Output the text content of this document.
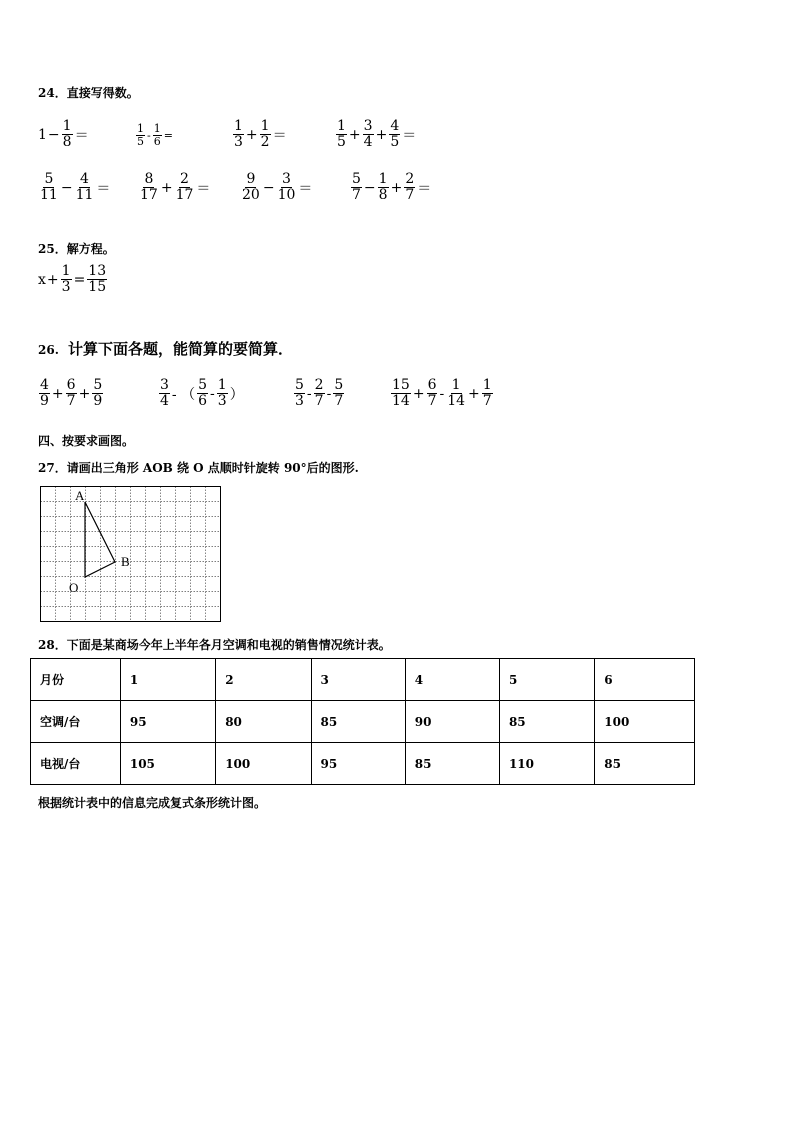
24．直接写得数。
$1 - \frac{1}{8}$ ＝	$\frac{1}{5} - \frac{1}{6}$ =	$\frac{1}{3} + \frac{1}{2}$ ＝	$\frac{1}{5} + \frac{3}{4} + \frac{4}{5}$ ＝
$\frac{5}{11} - \frac{4}{11} = \frac{8}{17} + \frac{2}{17} = \frac{9}{20} - \frac{3}{10}$ ＝	$\frac{5}{7} - \frac{1}{8} + \frac{2}{7}$ ＝
25．解方程。
$x + \frac{1}{3} = \frac{13}{15}$
26. 计算下面各题，能简算的要简算．
$\frac{4}{9} + \frac{6}{7} + \frac{5}{9}$	$\frac{3}{4}$ - （ $\frac{5}{6} - \frac{1}{3}$ ）	$\frac{5}{3} - \frac{2}{7} - \frac{5}{7}$	$\frac{15}{14} + \frac{6}{7} - \frac{1}{14} + \frac{1}{7}$
四、按要求画图。
27．请画出三角形 AOB 绕 O 点顺时针旋转 90°后的图形.
A
B
O
28．下面是某商场今年上半年各月空调和电视的销售情况统计表。
月份	1	2	3	4	5	6
空调/台	95	80	85	90	85	100
电视/台	105	100	95	85	110	85
根据统计表中的信息完成复式条形统计图。
